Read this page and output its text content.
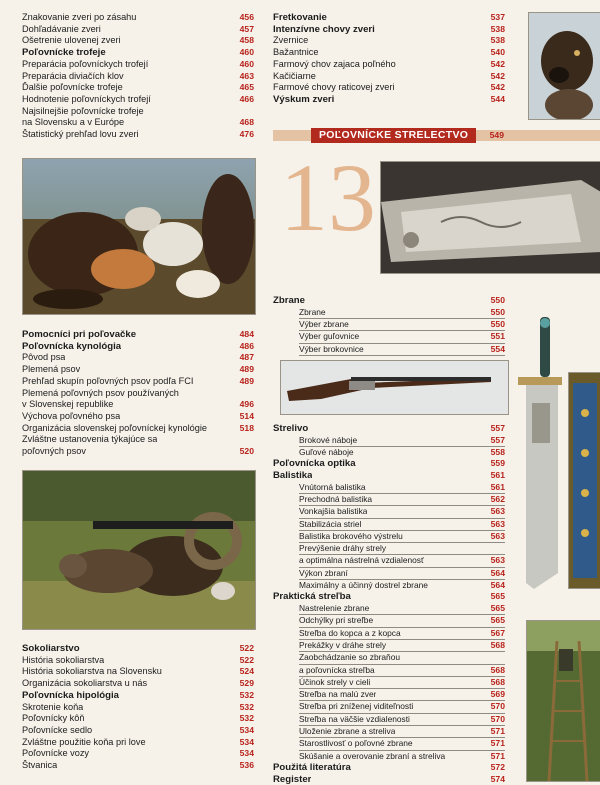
Znakovanie zveri po zásahu	456
Dohľadávanie zveri	457
Ošetrenie ulovenej zveri	458
Poľovnícke trofeje	460
Preparácia poľovníckych trofejí	460
Preparácia diviačích klov	463
Ďalšie poľovnícke trofeje	465
Hodnotenie poľovníckych trofejí	466
Najsilnejšie poľovnícke trofeje
na Slovensku a v Európe	468
Štatistický prehľad lovu zveri	476
Pomocníci pri poľovačke	484
Poľovnícka kynológia	486
Pôvod psa	487
Plemená psov	489
Prehľad skupín poľovných psov podľa FCI	489
Plemená poľovných psov používaných
v Slovenskej republike	496
Výchova poľovného psa	514
Organizácia slovenskej poľovníckej kynológie	518
Zvláštne ustanovenia týkajúce sa
poľovných psov	520
Sokoliarstvo	522
História sokoliarstva	522
História sokoliarstva na Slovensku	524
Organizácia sokoliarstva u nás	529
Poľovnícka hipológia	532
Skrotenie koňa	532
Poľovnícky kôň	532
Poľovnícke sedlo	534
Zvláštne použitie koňa pri love	534
Poľovnícke vozy	534
Štvanica	536
Fretkovanie	537
Intenzívne chovy zveri	538
Zvernice	538
Bažantnice	540
Farmový chov zajaca poľného	542
Kačičiarne	542
Farmové chovy raticovej zveri	542
Výskum zveri	544
POĽOVNÍCKE STRELECTVO	549
13
Zbrane	550
Zbrane	550
Výber zbrane	550
Výber guľovnice	551
Výber brokovnice	554
Strelivo	557
Brokové náboje	557
Guľové náboje	558
Poľovnícka optika	559
Balistika	561
Vnútorná balistika	561
Prechodná balistika	562
Vonkajšia balistika	563
Stabilizácia striel	563
Balistika brokového výstrelu	563
Prevýšenie dráhy strely
a optimálna nástrelná vzdialenosť	563
Výkon zbraní	564
Maximálny a účinný dostrel zbrane	564
Praktická streľba	565
Nastrelenie zbrane	565
Odchýlky pri streľbe	565
Streľba do kopca a z kopca	567
Prekážky v dráhe strely	568
Zaobchádzanie so zbraňou
a poľovnícka streľba	568
Účinok strely v cieli	568
Streľba na malú zver	569
Streľba pri zníženej viditeľnosti	570
Streľba na väčšie vzdialenosti	570
Uloženie zbrane a streliva	571
Starostlivosť o poľovné zbrane	571
Skúšanie a overovanie zbraní a streliva	571
Použitá literatúra	572
Register	574
